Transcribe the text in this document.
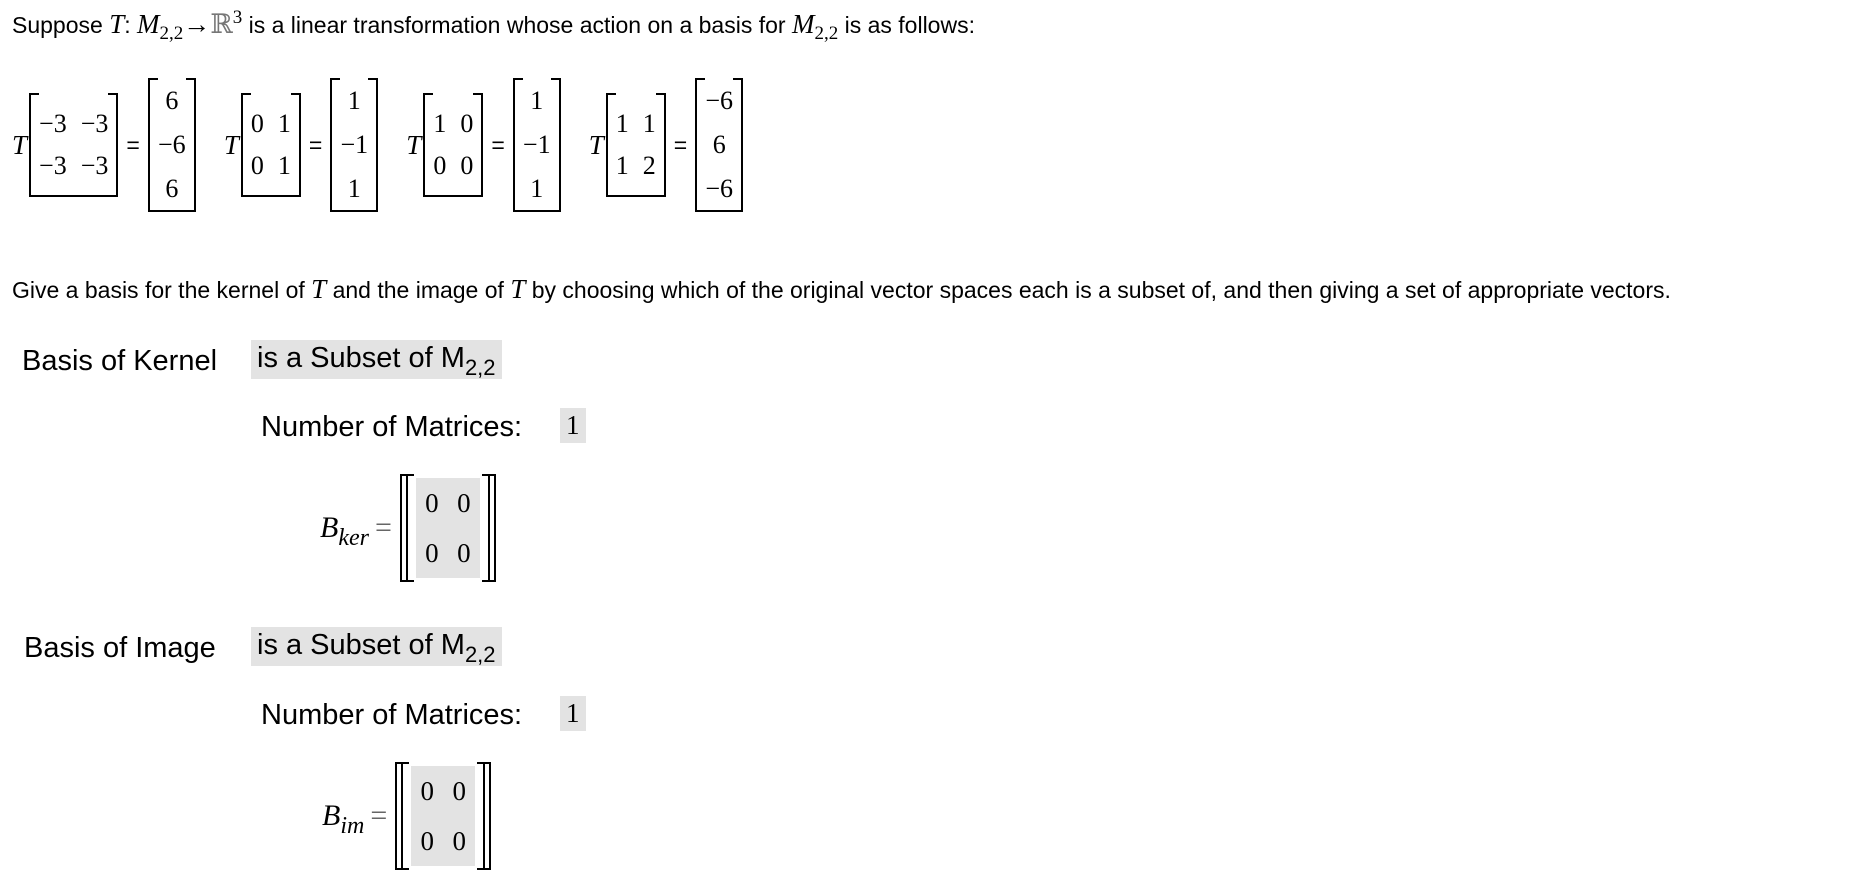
Suppose T: $M_{2,2}\to ℝ^3$ is a linear transformation whose action on a basis for $M_{2,2}$ is as follows:
T
−3 −3
−3 −3
=
6
−6
6
T
0 1
0 1
=
1
−1
1
T
1 0
0 0
=
1
−1
1
T
1 1
1 2
=
−6
6
−6
Give a basis for the kernel of T and the image of T by choosing which of the original vector spaces each is a subset of, and then giving a set of appropriate vectors.
Basis of Kernel is a Subset of $M_{2,2}$
Number of Matrices: 1
$B_{ker}$ =
0 0
0 0
Basis of Image is a Subset of $M_{2,2}$
Number of Matrices: 1
$B_{im}$ =
0 0
0 0
